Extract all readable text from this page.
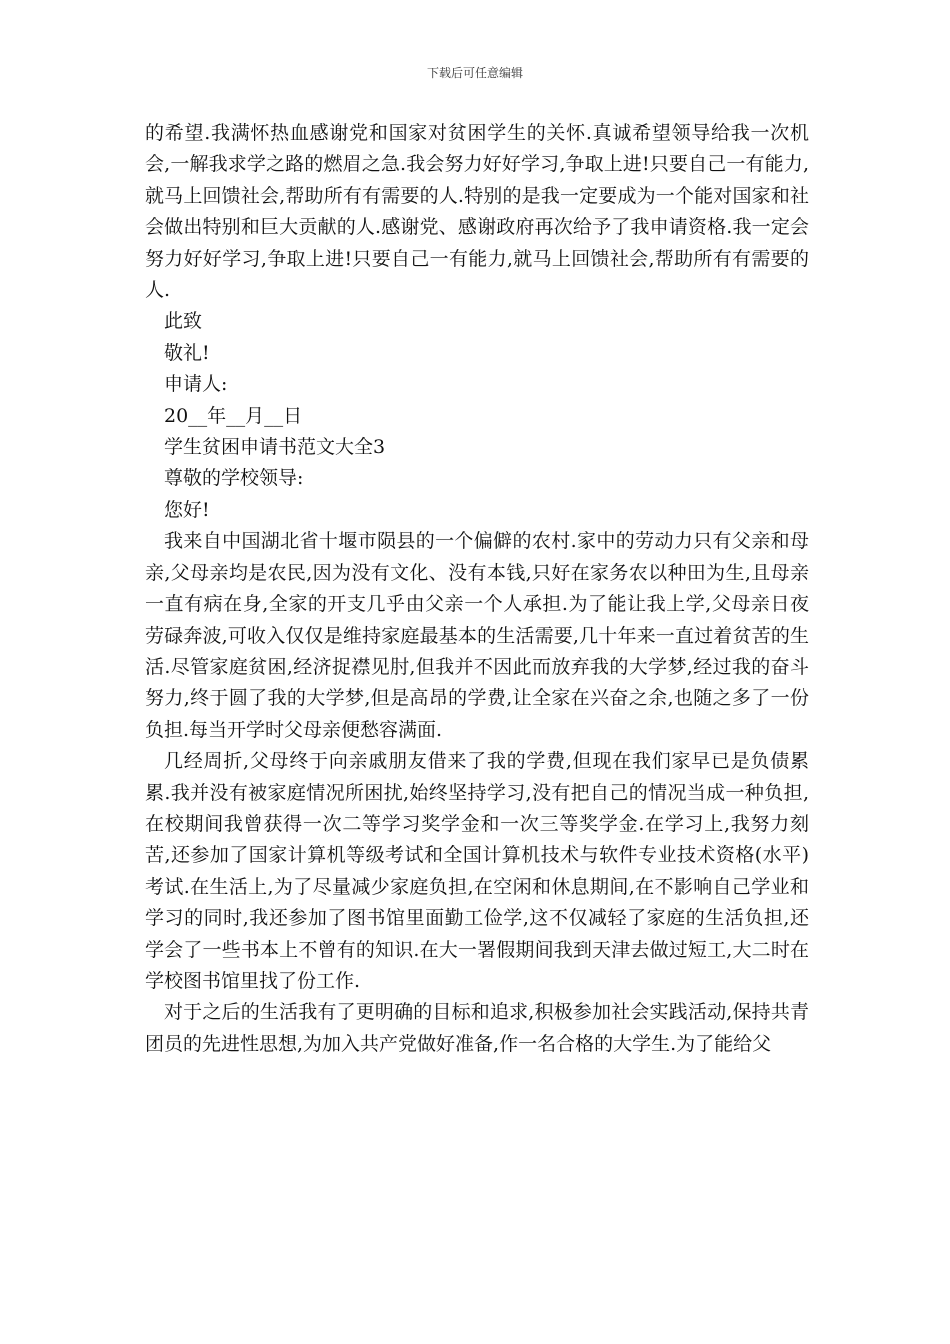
下载后可任意编辑

的希望.我满怀热血感谢党和国家对贫困学生的关怀.真诚希望领导给我一次机会,一解我求学之路的燃眉之急.我会努力好好学习,争取上进!只要自己一有能力,就马上回馈社会,帮助所有有需要的人.特别的是我一定要成为一个能对国家和社会做出特别和巨大贡献的人.感谢党、感谢政府再次给予了我申请资格.我一定会努力好好学习,争取上进!只要自己一有能力,就马上回馈社会,帮助所有有需要的人.

此致

敬礼!

申请人:

20__年__月__日

学生贫困申请书范文大全3

尊敬的学校领导:

您好!

我来自中国湖北省十堰市陨县的一个偏僻的农村.家中的劳动力只有父亲和母亲,父母亲均是农民,因为没有文化、没有本钱,只好在家务农以种田为生,且母亲一直有病在身,全家的开支几乎由父亲一个人承担.为了能让我上学,父母亲日夜劳碌奔波,可收入仅仅是维持家庭最基本的生活需要,几十年来一直过着贫苦的生活.尽管家庭贫困,经济捉襟见肘,但我并不因此而放弃我的大学梦,经过我的奋斗努力,终于圆了我的大学梦,但是高昂的学费,让全家在兴奋之余,也随之多了一份负担.每当开学时父母亲便愁容满面.

几经周折,父母终于向亲戚朋友借来了我的学费,但现在我们家早已是负债累累.我并没有被家庭情况所困扰,始终坚持学习,没有把自己的情况当成一种负担,在校期间我曾获得一次二等学习奖学金和一次三等奖学金.在学习上,我努力刻苦,还参加了国家计算机等级考试和全国计算机技术与软件专业技术资格(水平)考试.在生活上,为了尽量减少家庭负担,在空闲和休息期间,在不影响自己学业和学习的同时,我还参加了图书馆里面勤工俭学,这不仅减轻了家庭的生活负担,还学会了一些书本上不曾有的知识.在大一署假期间我到天津去做过短工,大二时在学校图书馆里找了份工作.

对于之后的生活我有了更明确的目标和追求,积极参加社会实践活动,保持共青团员的先进性思想,为加入共产党做好准备,作一名合格的大学生.为了能给父
